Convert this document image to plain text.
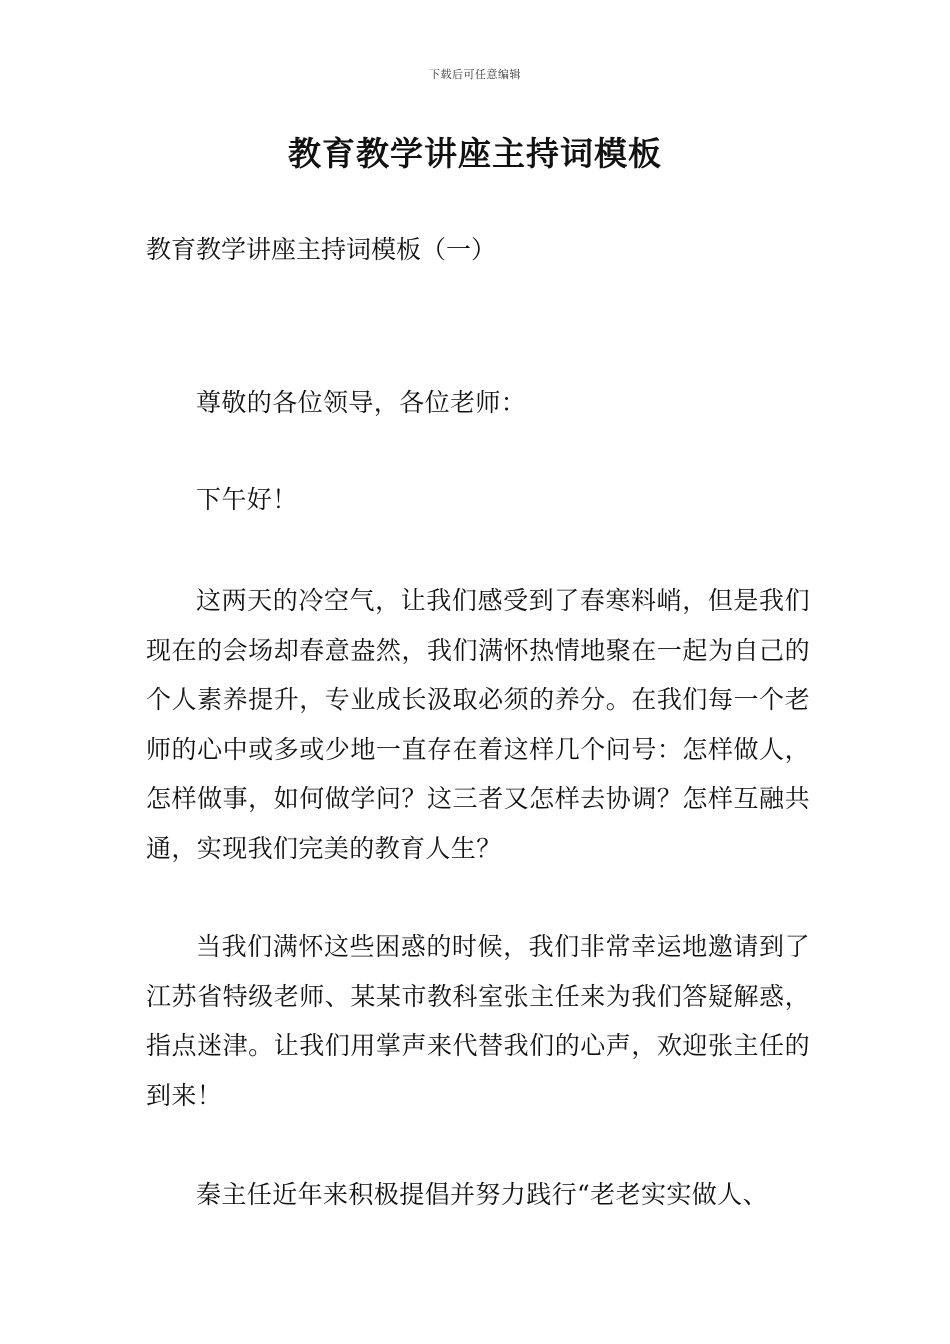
下载后可任意编辑
教育教学讲座主持词模板
教育教学讲座主持词模板（一）

尊敬的各位领导，各位老师：

下午好！

这两天的冷空气，让我们感受到了春寒料峭，但是我们现在的会场却春意盎然，我们满怀热情地聚在一起为自己的个人素养提升，专业成长汲取必须的养分。在我们每一个老师的心中或多或少地一直存在着这样几个问号：怎样做人，怎样做事，如何做学问？这三者又怎样去协调？怎样互融共通，实现我们完美的教育人生？

当我们满怀这些困惑的时候，我们非常幸运地邀请到了江苏省特级老师、某某市教科室张主任来为我们答疑解惑，指点迷津。让我们用掌声来代替我们的心声，欢迎张主任的到来！

秦主任近年来积极提倡并努力践行“老老实实做人、
